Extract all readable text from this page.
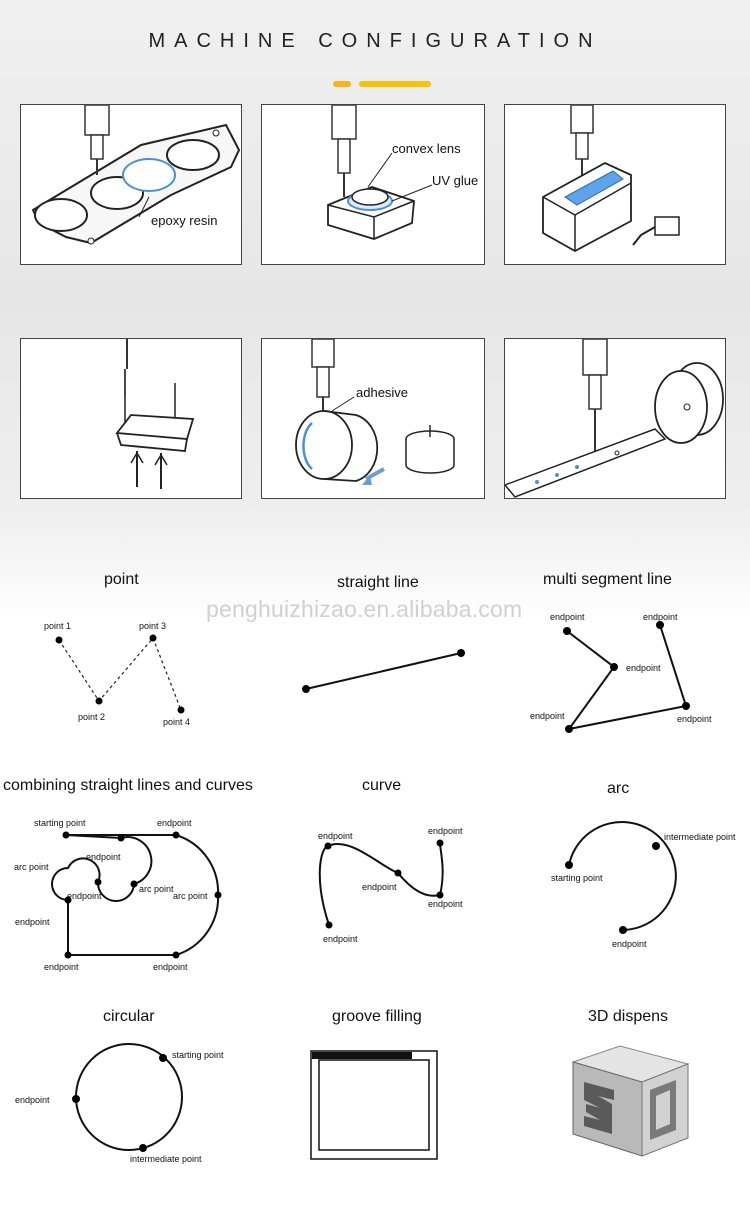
MACHINE CONFIGURATION
epoxy resin
convex lens
UV glue
adhesive
penghuizhizao.en.alibaba.com
point
point 1
point 2
point 3
point 4
straight line	multi segment line
endpoint	endpoint
endpoint
endpoint	endpoint
combining straight lines and curves
starting point	endpoint
endpoint
arc point
endpoint
arc point
arc point
endpoint
endpoint	endpoint
curve
endpoint	endpoint
endpoint
endpoint
endpoint
arc
intermediate point
starting point
endpoint
circular
starting point
endpoint
intermediate point
groove filling	3D dispens
